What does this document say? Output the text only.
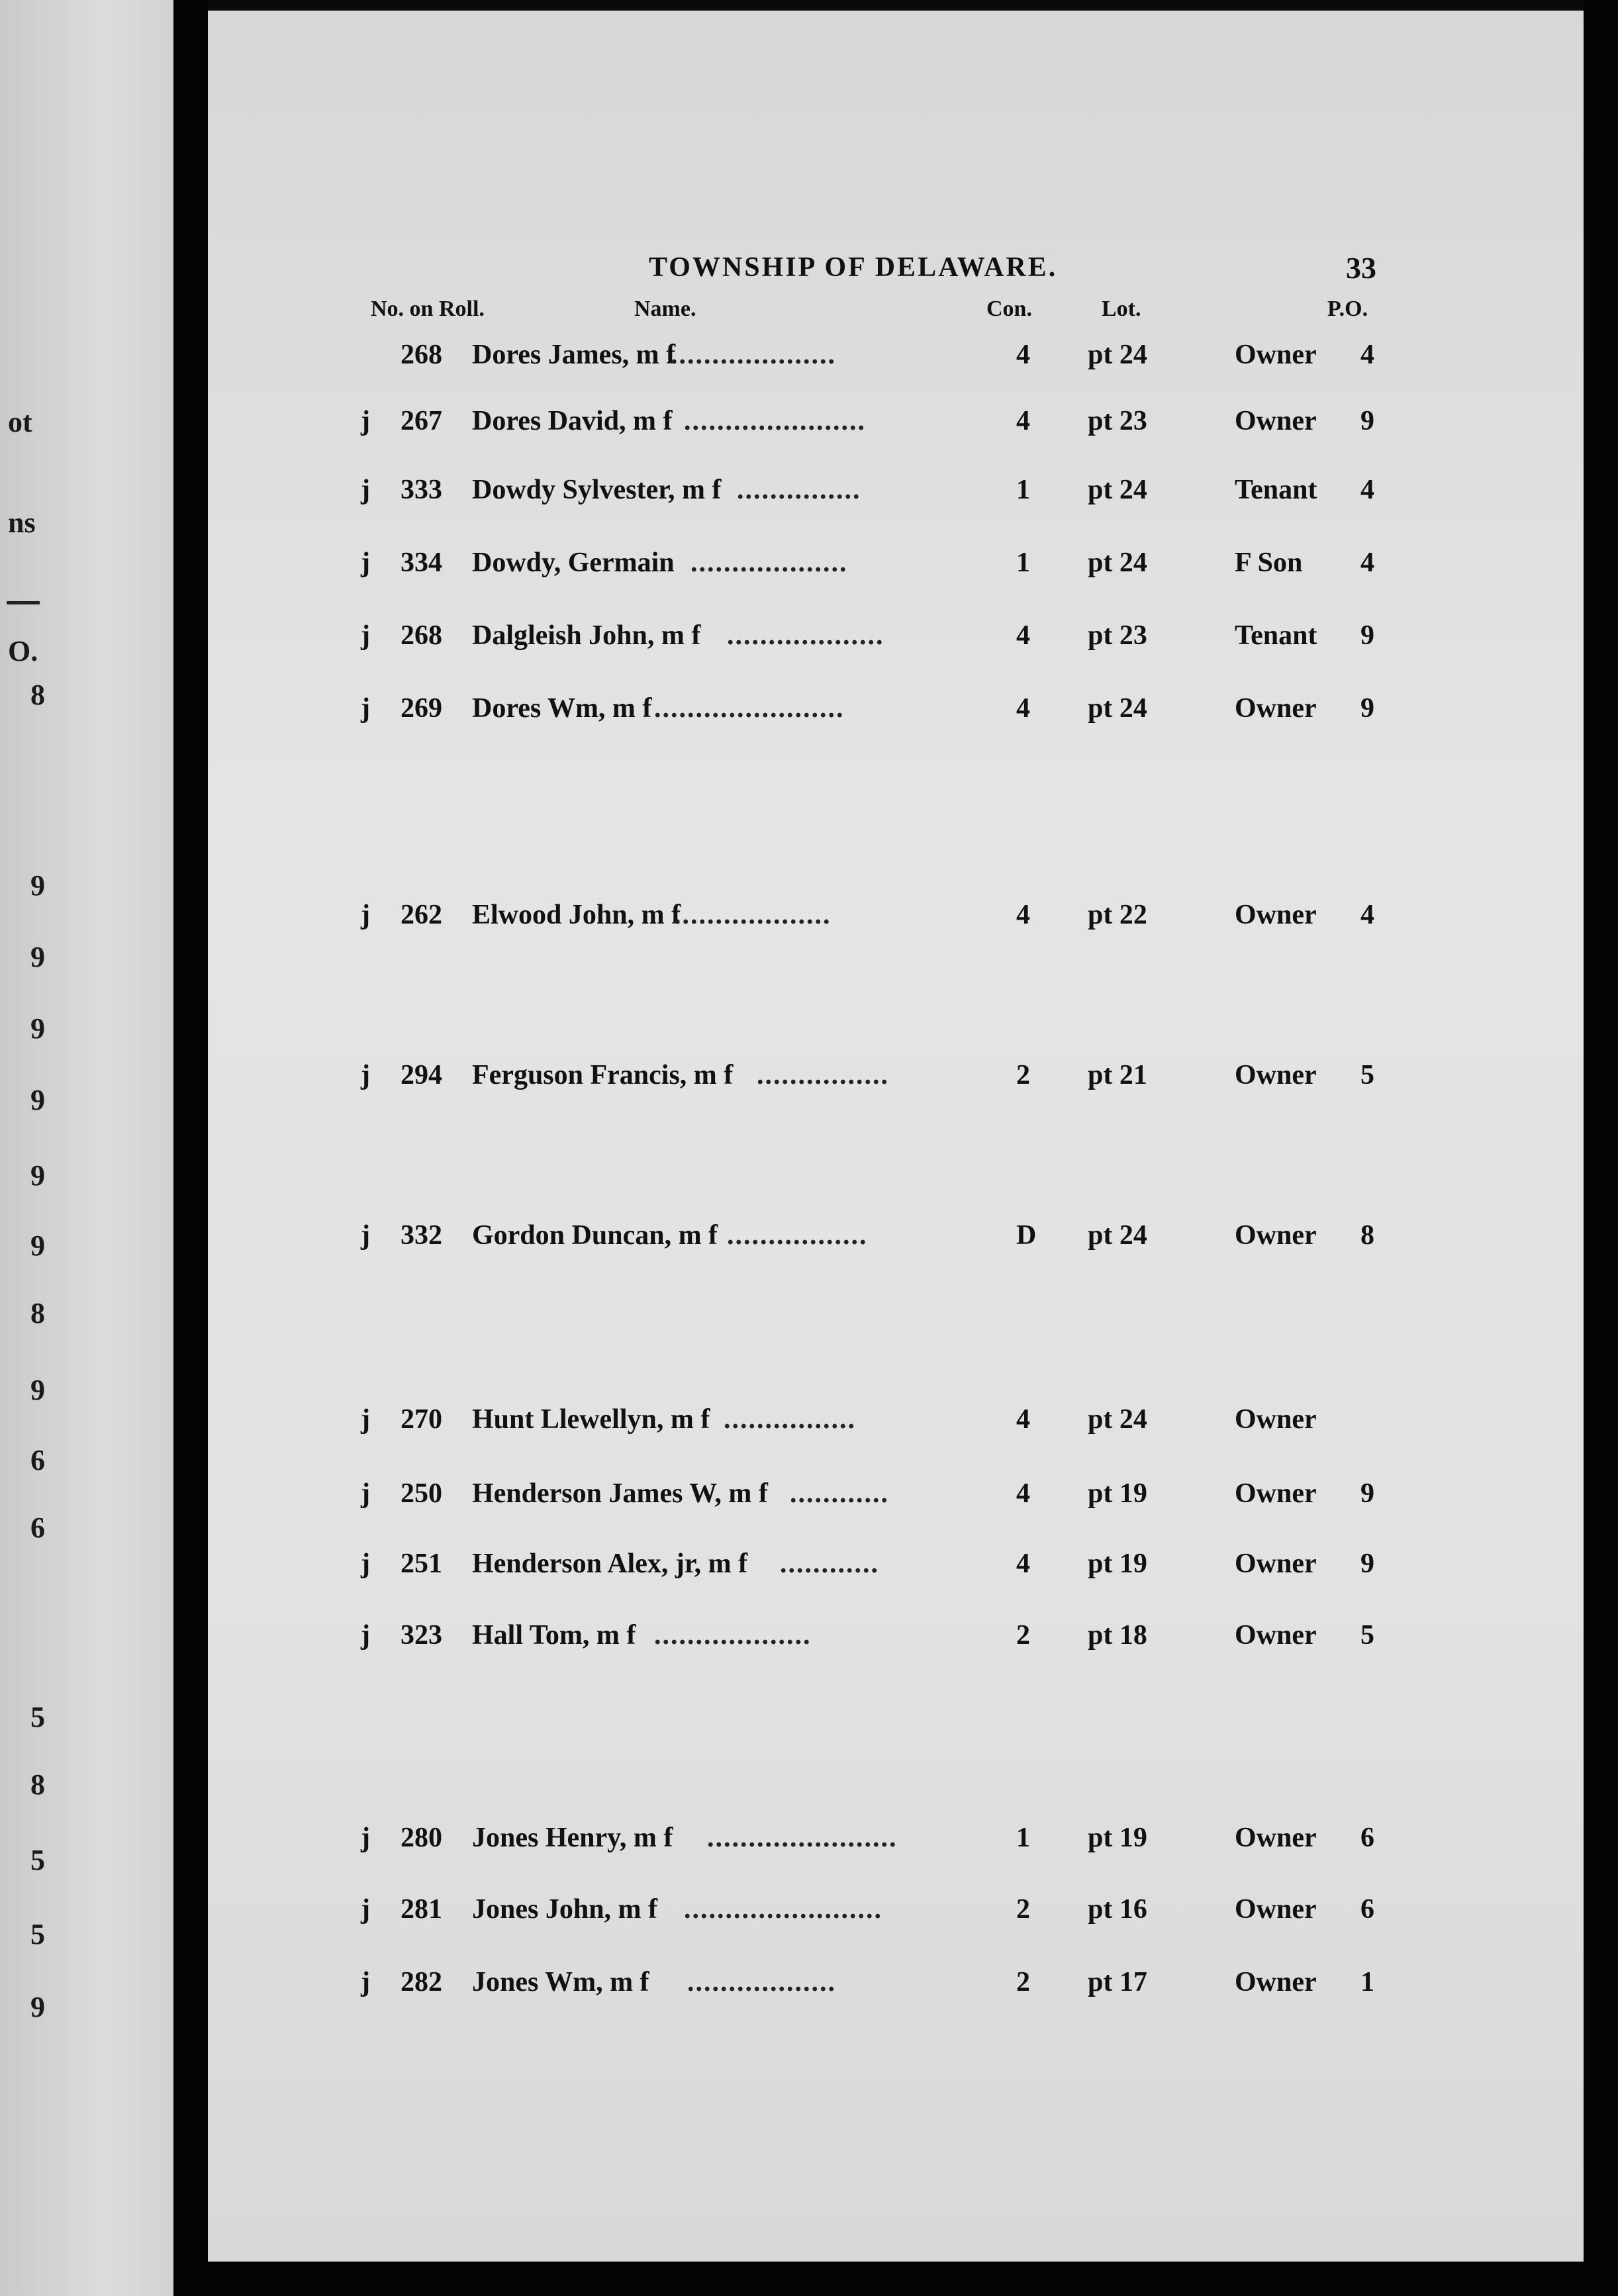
ot
ns
O.
8
9
9
9
9
9
9
8
9
6
6
5
8
5
5
9
TOWNSHIP OF DELAWARE.	33
No. on Roll.	Name.	Con.	Lot.	P.O.
268 Dores James, m f	4 pt 24	Owner 4
....................
j 267 Dores David, m f	4 pt 23	Owner 9
......................
j 333 Dowdy Sylvester, m f	1 pt 24	Tenant 4
...............
j 334 Dowdy, Germain	1 pt 24	F Son 4
...................
j 268 Dalgleish John, m f	4 pt 23	Tenant 9
...................
j 269 Dores Wm, m f	4 pt 24	Owner 9
.......................
j 262 Elwood John, m f	4 pt 22	Owner 4
...................
j 294 Ferguson Francis, m f	2 pt 21	Owner 5
................
j 332 Gordon Duncan, m f	D pt 24	Owner 8
.................
j 270 Hunt Llewellyn, m f	4 pt 24	Owner
................
j 250 Henderson James W, m f	4 pt 19	Owner 9
............
j 251 Henderson Alex, jr, m f	4 pt 19	Owner 9
............
j 323 Hall Tom, m f	2 pt 18	Owner 5
...................
j 280 Jones Henry, m f	1 pt 19	Owner 6
.......................
j 281 Jones John, m f	2 pt 16	Owner 6
........................
j 282 Jones Wm, m f	2 pt 17	Owner 1
..................
